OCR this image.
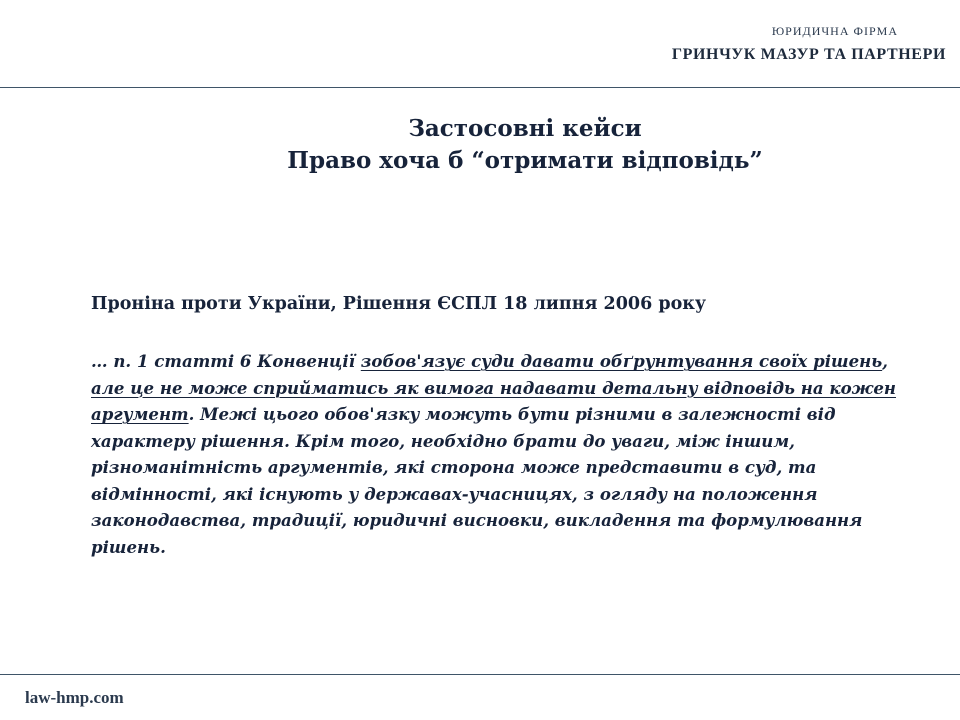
ЮРИДИЧНА ФІРМА

ГРИНЧУК МАЗУР ТА ПАРТНЕРИ

Застосовні кейси
Право хоча б “отримати відповідь”

Проніна проти України, Рішення ЄСПЛ 18 липня 2006 року

… п. 1 статті 6 Конвенції зобов'язує суди давати обґрунтування своїх рішень, але це не може сприйматись як вимога надавати детальну відповідь на кожен аргумент. Межі цього обов'язку можуть бути різними в залежності від характеру рішення. Крім того, необхідно брати до уваги, між іншим, різноманітність аргументів, які сторона може представити в суд, та відмінності, які існують у державах-учасницях, з огляду на положення законодавства, традиції, юридичні висновки, викладення та формулювання рішень.

law-hmp.com
